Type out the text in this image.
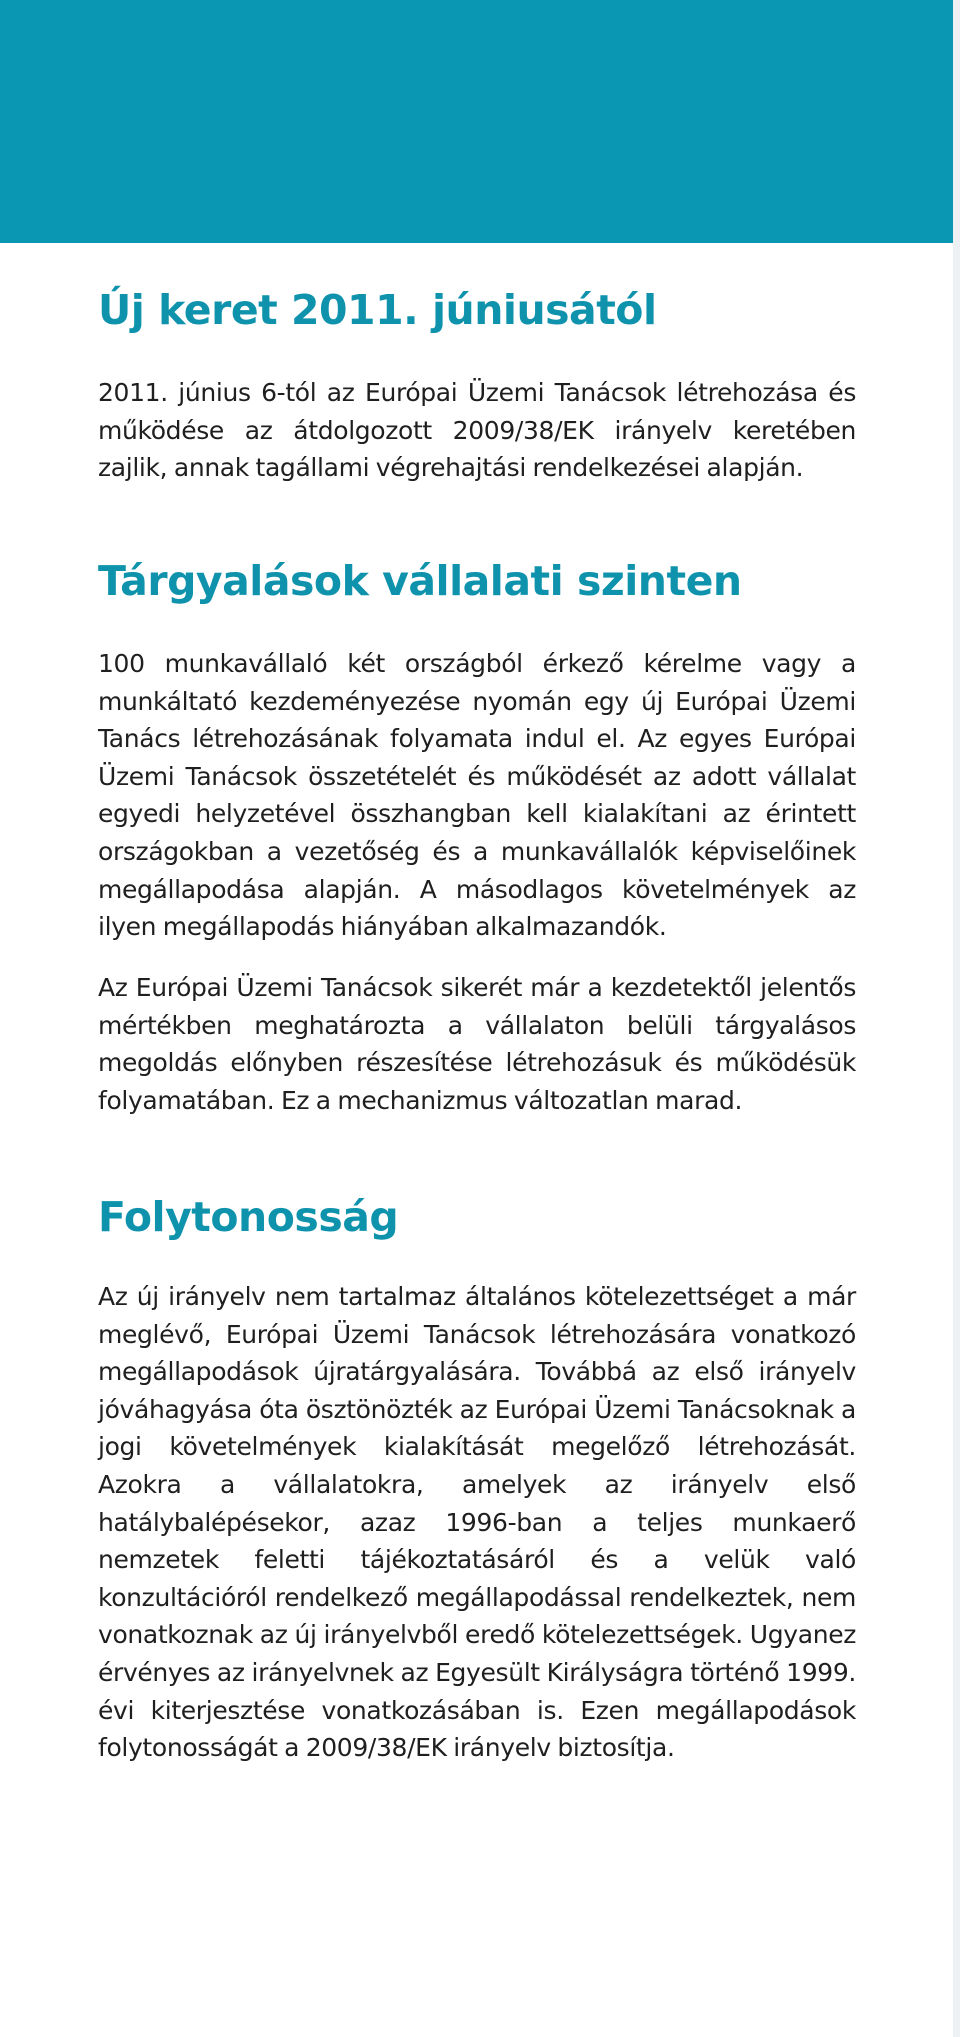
Új keret 2011. júniusától

2011. június 6-tól az Európai Üzemi Tanácsok létrehozása és működése az átdolgozott 2009/38/EK irányelv keretében zajlik, annak tagállami végrehajtási rendelkezései alapján.

Tárgyalások vállalati szinten

100 munkavállaló két országból érkező kérelme vagy a munkáltató kezdeményezése nyomán egy új Európai Üzemi Tanács létrehozásának folyamata indul el. Az egyes Európai Üzemi Tanácsok összetételét és működését az adott vállalat egyedi helyzetével összhangban kell kialakítani az érintett országokban a vezetőség és a munkavállalók képviselőinek megállapodása alapján. A másodlagos követelmények az ilyen megállapodás hiányában alkalmazandók.

Az Európai Üzemi Tanácsok sikerét már a kezdetektől jelentős mértékben meghatározta a vállalaton belüli tárgyalásos megoldás előnyben részesítése létrehozásuk és működésük folyamatában. Ez a mechanizmus változatlan marad.

Folytonosság

Az új irányelv nem tartalmaz általános kötelezettséget a már meglévő, Európai Üzemi Tanácsok létrehozására vonatkozó megállapodások újratárgyalására. Továbbá az első irányelv jóváhagyása óta ösztönözték az Európai Üzemi Tanácsoknak a jogi követelmények kialakítását megelőző létrehozását. Azokra a vállalatokra, amelyek az irányelv első hatálybalépésekor, azaz 1996-ban a teljes munkaerő nemzetek feletti tájékoztatásáról és a velük való konzultációról rendelkező megállapodással rendelkeztek, nem vonatkoznak az új irányelvből eredő kötelezettségek. Ugyanez érvényes az irányelvnek az Egyesült Királyságra történő 1999. évi kiterjesztése vonatkozásában is. Ezen megállapodások folytonosságát a 2009/38/EK irányelv biztosítja.
